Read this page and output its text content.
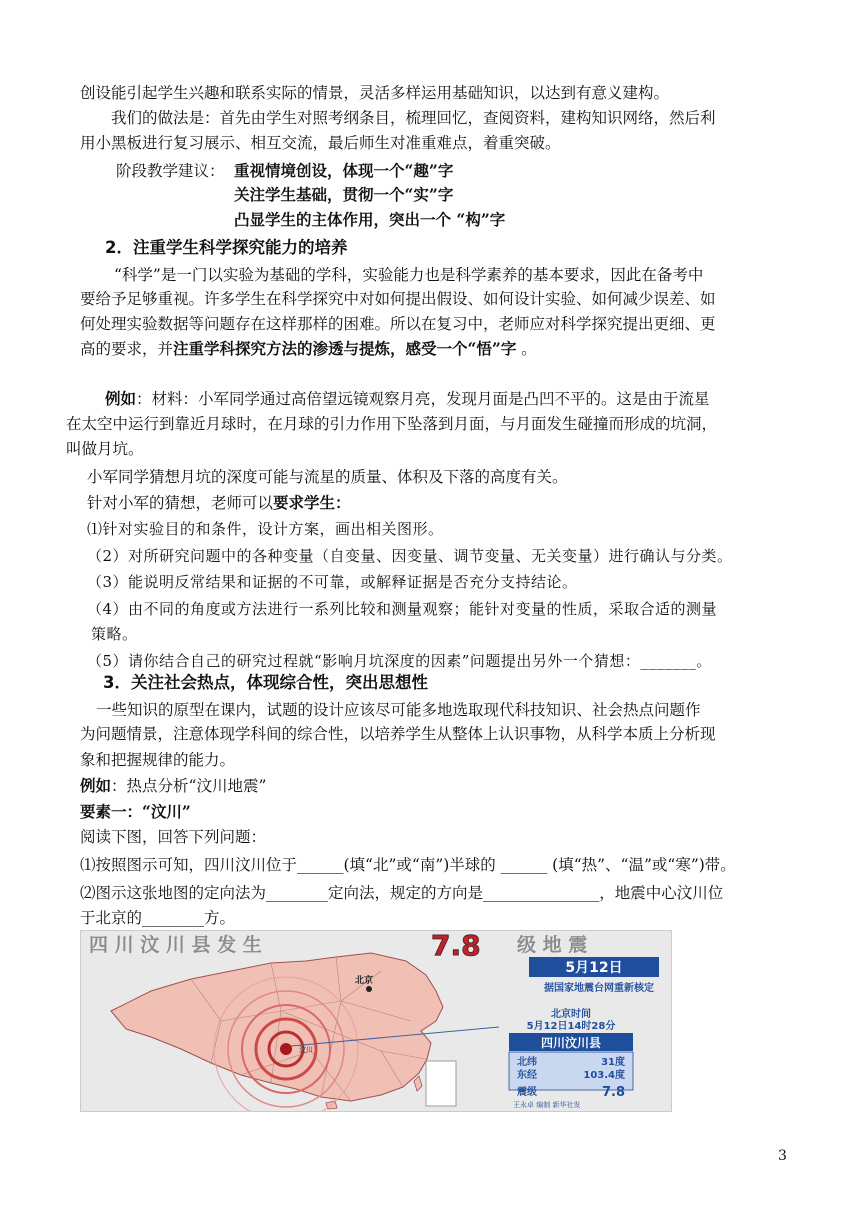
创设能引起学生兴趣和联系实际的情景，灵活多样运用基础知识，以达到有意义建构。
我们的做法是：首先由学生对照考纲条目，梳理回忆，查阅资料，建构知识网络，然后利
用小黑板进行复习展示、相互交流，最后师生对准重难点，着重突破。
阶段教学建议： 重视情境创设，体现一个“趣”字
关注学生基础，贯彻一个“实”字
凸显学生的主体作用，突出一个 “构”字
2．注重学生科学探究能力的培养
“科学”是一门以实验为基础的学科，实验能力也是科学素养的基本要求，因此在备考中
要给予足够重视。许多学生在科学探究中对如何提出假设、如何设计实验、如何减少误差、如
何处理实验数据等问题存在这样那样的困难。所以在复习中，老师应对科学探究提出更细、更
高的要求，并注重学科探究方法的渗透与提炼，感受一个“悟”字 。
例如：材料：小军同学通过高倍望远镜观察月亮，发现月面是凸凹不平的。这是由于流星
在太空中运行到靠近月球时，在月球的引力作用下坠落到月面，与月面发生碰撞而形成的坑洞，
叫做月坑。
小军同学猜想月坑的深度可能与流星的质量、体积及下落的高度有关。
针对小军的猜想，老师可以要求学生：
⑴针对实验目的和条件，设计方案，画出相关图形。
（2）对所研究问题中的各种变量（自变量、因变量、调节变量、无关变量）进行确认与分类。
（3）能说明反常结果和证据的不可靠，或解释证据是否充分支持结论。
（4）由不同的角度或方法进行一系列比较和测量观察；能针对变量的性质，采取合适的测量
策略。
（5）请你结合自己的研究过程就“影响月坑深度的因素”问题提出另外一个猜想：_______。
3．关注社会热点，体现综合性，突出思想性
一些知识的原型在课内，试题的设计应该尽可能多地选取现代科技知识、社会热点问题作
为问题情景，注意体现学科间的综合性，以培养学生从整体上认识事物，从科学本质上分析现
象和把握规律的能力。
例如：热点分析“汶川地震”
要素一：“汶川”
阅读下图，回答下列问题：
⑴按照图示可知，四川汶川位于______(填“北”或“南”)半球的 ______ (填“热”、“温”或“寒”)带。
⑵图示这张地图的定向法为________定向法，规定的方向是_______________，地震中心汶川位
于北京的________方。
四 川 汶 川 县 发 生	7.8 级 地 震
5月12日
据国家地震台网重新核定
汶川
北京
北京时间
5月12日14时28分
四川汶川县
北纬	31度
东经	103.4度
震级	7.8
王永卓 编制 新华社发
3
